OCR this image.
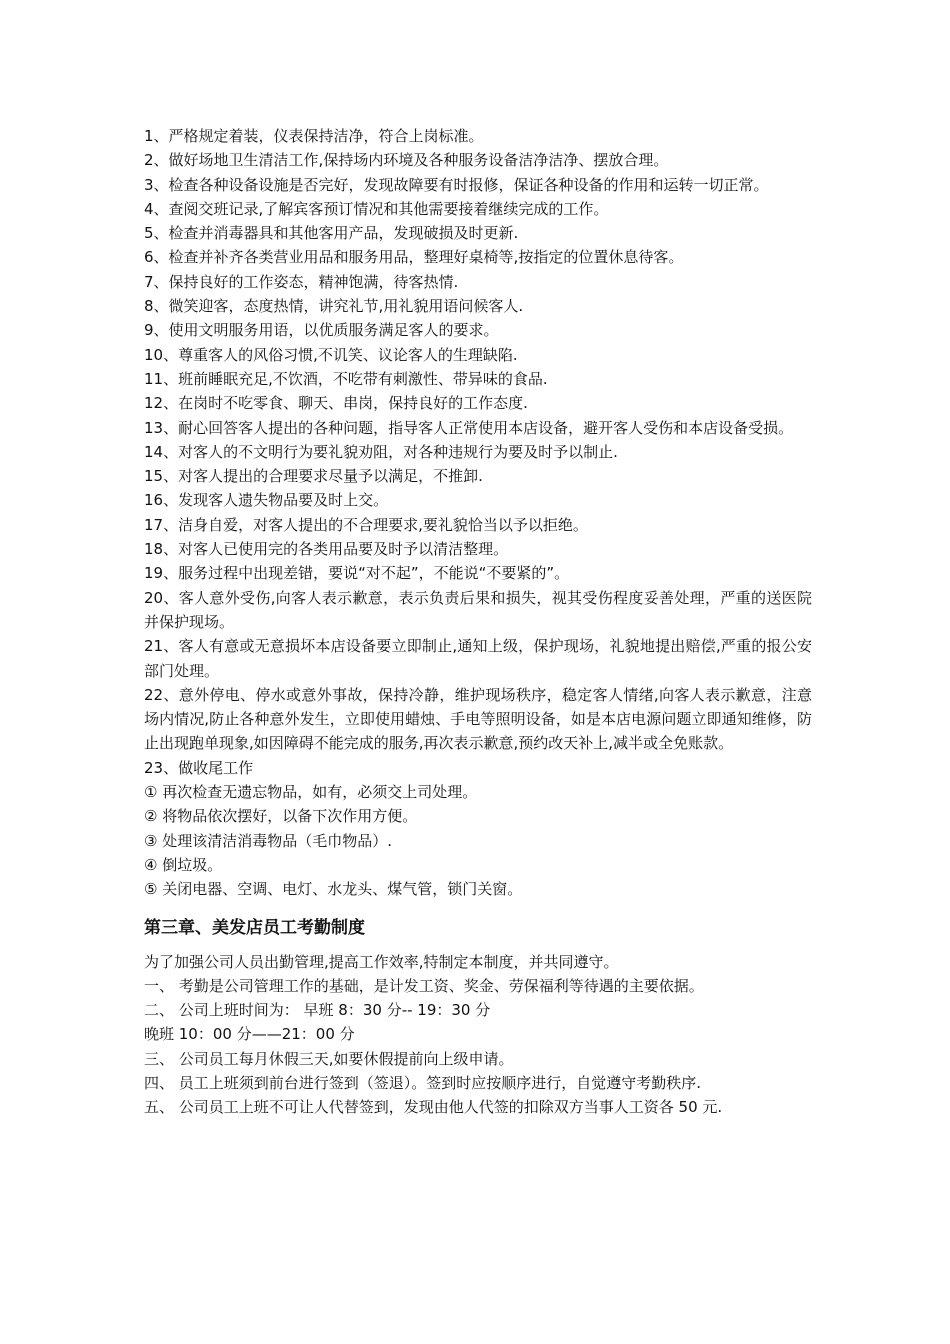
1、严格规定着装，仪表保持洁净，符合上岗标准。

2、做好场地卫生清洁工作,保持场内环境及各种服务设备洁净洁净、摆放合理。

3、检查各种设备设施是否完好，发现故障要有时报修，保证各种设备的作用和运转一切正常。

4、查阅交班记录,了解宾客预订情况和其他需要接着继续完成的工作。

5、检查并消毒器具和其他客用产品，发现破损及时更新.

6、检查并补齐各类营业用品和服务用品，整理好桌椅等,按指定的位置休息待客。

7、保持良好的工作姿态，精神饱满，待客热情.

8、微笑迎客，态度热情，讲究礼节,用礼貌用语问候客人.

9、使用文明服务用语，以优质服务满足客人的要求。

10、尊重客人的风俗习惯,不讥笑、议论客人的生理缺陷.

11、班前睡眠充足,不饮酒，不吃带有刺激性、带异味的食品.

12、在岗时不吃零食、聊天、串岗，保持良好的工作态度.

13、耐心回答客人提出的各种问题，指导客人正常使用本店设备，避开客人受伤和本店设备受损。

14、对客人的不文明行为要礼貌劝阻，对各种违规行为要及时予以制止.

15、对客人提出的合理要求尽量予以满足，不推卸.

16、发现客人遗失物品要及时上交。

17、洁身自爱，对客人提出的不合理要求,要礼貌恰当以予以拒绝。

18、对客人已使用完的各类用品要及时予以清洁整理。

19、服务过程中出现差错，要说“对不起”，不能说“不要紧的”。

20、客人意外受伤,向客人表示歉意，表示负责后果和损失，视其受伤程度妥善处理，严重的送医院并保护现场。

21、客人有意或无意损坏本店设备要立即制止,通知上级，保护现场，礼貌地提出赔偿,严重的报公安部门处理。

22、意外停电、停水或意外事故，保持冷静，维护现场秩序，稳定客人情绪,向客人表示歉意，注意场内情况,防止各种意外发生，立即使用蜡烛、手电等照明设备，如是本店电源问题立即通知维修，防止出现跑单现象,如因障碍不能完成的服务,再次表示歉意,预约改天补上,减半或全免账款。

23、做收尾工作

① 再次检查无遗忘物品，如有，必须交上司处理。

② 将物品依次摆好，以备下次作用方便。

③ 处理该清洁消毒物品（毛巾物品）.

④ 倒垃圾。

⑤ 关闭电器、空调、电灯、水龙头、煤气管，锁门关窗。

第三章、美发店员工考勤制度

为了加强公司人员出勤管理,提高工作效率,特制定本制度，并共同遵守。

一、 考勤是公司管理工作的基础，是计发工资、奖金、劳保福利等待遇的主要依据。

二、 公司上班时间为： 早班 8：30 分-- 19：30 分

晚班 10：00 分——21：00 分

三、 公司员工每月休假三天,如要休假提前向上级申请。

四、 员工上班须到前台进行签到（签退）。签到时应按顺序进行，自觉遵守考勤秩序.

五、 公司员工上班不可让人代替签到，发现由他人代签的扣除双方当事人工资各 50 元.
